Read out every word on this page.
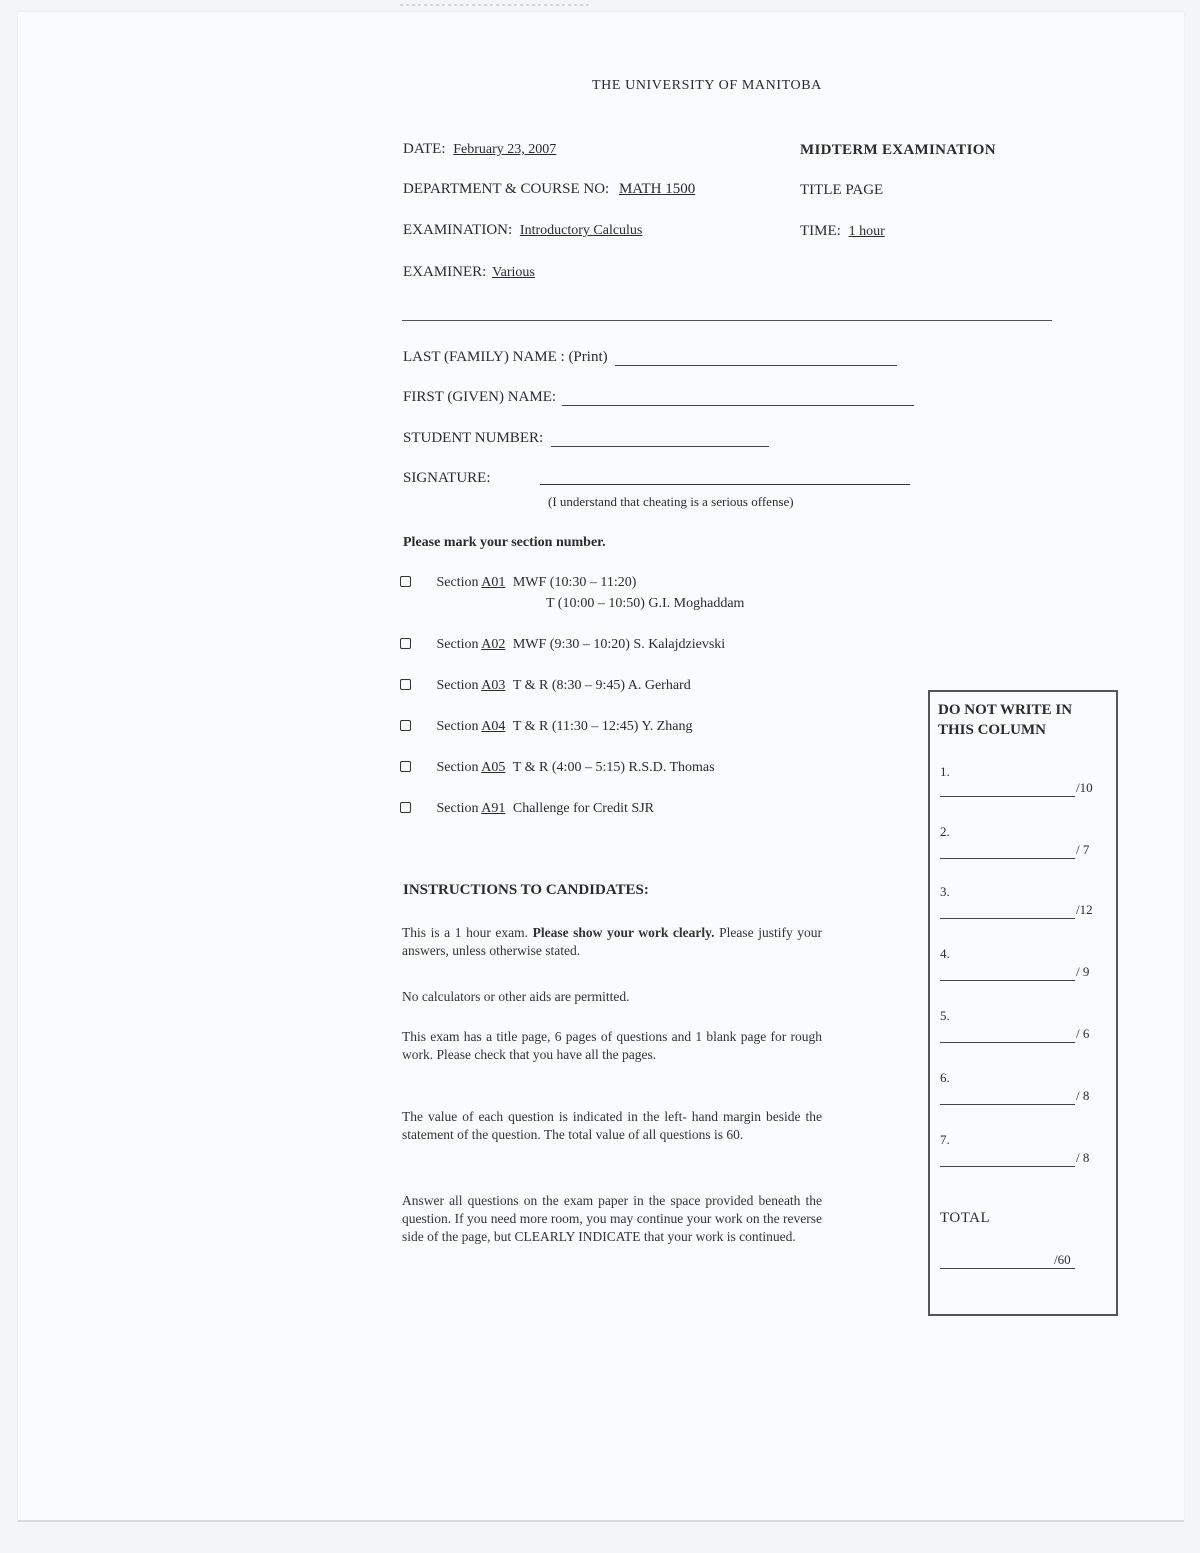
THE UNIVERSITY OF MANITOBA
DATE: February 23, 2007	MIDTERM EXAMINATION
DEPARTMENT & COURSE NO: MATH 1500	TITLE PAGE
EXAMINATION: Introductory Calculus	TIME: 1 hour
EXAMINER: Various
LAST (FAMILY) NAME : (Print)
FIRST (GIVEN) NAME:
STUDENT NUMBER:
SIGNATURE:
(I understand that cheating is a serious offense)
Please mark your section number.
Section A01 MWF (10:30 – 11:20)
T (10:00 – 10:50) G.I. Moghaddam
Section A02 MWF (9:30 – 10:20) S. Kalajdzievski
Section A03 T & R (8:30 – 9:45) A. Gerhard
Section A04 T & R (11:30 – 12:45) Y. Zhang
Section A05 T & R (4:00 – 5:15) R.S.D. Thomas
Section A91 Challenge for Credit SJR
INSTRUCTIONS TO CANDIDATES:
This is a 1 hour exam. Please show your work clearly. Please justify your answers, unless otherwise stated.
No calculators or other aids are permitted.
This exam has a title page, 6 pages of questions and 1 blank page for rough work. Please check that you have all the pages.
The value of each question is indicated in the left- hand margin beside the statement of the question. The total value of all questions is 60.
Answer all questions on the exam paper in the space provided beneath the question. If you need more room, you may continue your work on the reverse side of the page, but CLEARLY INDICATE that your work is continued.
DO NOT WRITE IN
THIS COLUMN
1.
/10
2.
/ 7
3.
/12
4.
/ 9
5.
/ 6
6.
/ 8
7.
/ 8
TOTAL
/60
